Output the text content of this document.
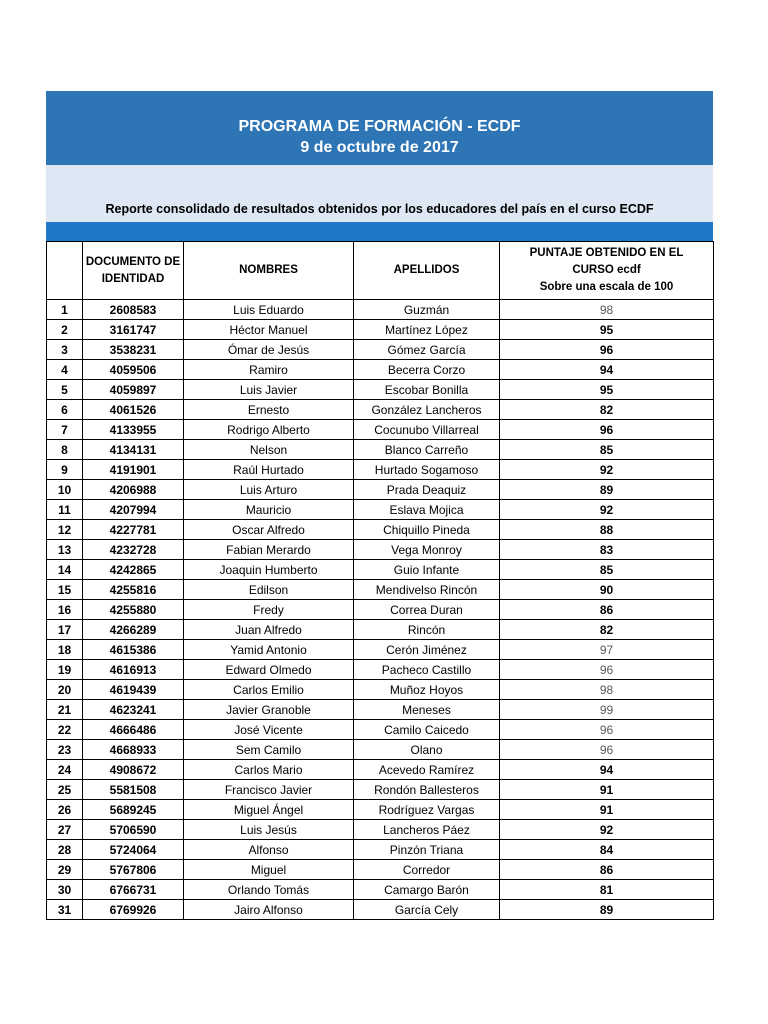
PROGRAMA DE FORMACIÓN - ECDF
9 de octubre de 2017
Reporte consolidado de resultados obtenidos por los educadores del país en el curso ECDF
	DOCUMENTO DE IDENTIDAD	NOMBRES	APELLIDOS	PUNTAJE OBTENIDO EN EL CURSO ecdf
Sobre una escala de 100

1	2608583	Luis Eduardo	Guzmán	98
2	3161747	Héctor Manuel	Martínez López	95
3	3538231	Ómar de Jesús	Gómez García	96
4	4059506	Ramiro	Becerra Corzo	94
5	4059897	Luis Javier	Escobar Bonilla	95
6	4061526	Ernesto	González Lancheros	82
7	4133955	Rodrigo Alberto	Cocunubo Villarreal	96
8	4134131	Nelson	Blanco Carreño	85
9	4191901	Raúl Hurtado	Hurtado Sogamoso	92
10	4206988	Luis Arturo	Prada Deaquiz	89
11	4207994	Mauricio	Eslava Mojica	92
12	4227781	Oscar Alfredo	Chiquillo Pineda	88
13	4232728	Fabian Merardo	Vega Monroy	83
14	4242865	Joaquin Humberto	Guio Infante	85
15	4255816	Edilson	Mendivelso Rincón	90
16	4255880	Fredy	Correa Duran	86
17	4266289	Juan Alfredo	Rincón	82
18	4615386	Yamid Antonio	Cerón Jiménez	97
19	4616913	Edward Olmedo	Pacheco Castillo	96
20	4619439	Carlos Emilio	Muñoz Hoyos	98
21	4623241	Javier Granoble	Meneses	99
22	4666486	José Vicente	Camilo Caicedo	96
23	4668933	Sem Camilo	Olano	96
24	4908672	Carlos Mario	Acevedo Ramírez	94
25	5581508	Francisco Javier	Rondón Ballesteros	91
26	5689245	Miguel Ángel	Rodríguez Vargas	91
27	5706590	Luis Jesús	Lancheros Páez	92
28	5724064	Alfonso	Pinzón Triana	84
29	5767806	Miguel	Corredor	86
30	6766731	Orlando Tomás	Camargo Barón	81
31	6769926	Jairo Alfonso	García Cely	89
